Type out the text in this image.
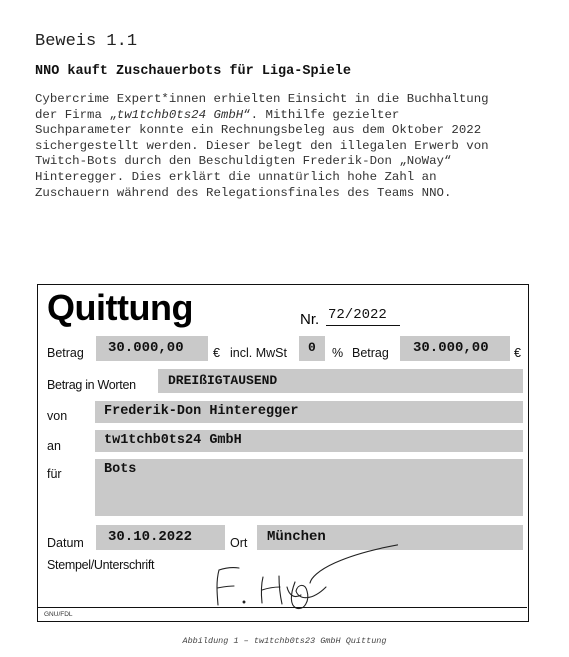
Beweis 1.1
NNO kauft Zuschauerbots für Liga-Spiele
Cybercrime Expert*innen erhielten Einsicht in die Buchhaltung
der Firma „tw1tchb0ts24 GmbH“. Mithilfe gezielter
Suchparameter konnte ein Rechnungsbeleg aus dem Oktober 2022
sichergestellt werden. Dieser belegt den illegalen Erwerb von
Twitch-Bots durch den Beschuldigten Frederik-Don „NoWay“
Hinteregger. Dies erklärt die unnatürlich hohe Zahl an
Zuschauern während des Relegationsfinales des Teams NNO.
Quittung	Nr. 72/2022
Betrag	30.000,00	€ incl. MwSt	0	% Betrag	30.000,00	€
Betrag in Worten	DREIßIGTAUSEND
von	Frederik-Don Hinteregger
an	tw1tchb0ts24 GmbH
für	Bots
Datum	30.10.2022	Ort	München
Stempel/Unterschrift
GNU/FDL
Abbildung 1 – tw1tchb0ts23 GmbH Quittung
